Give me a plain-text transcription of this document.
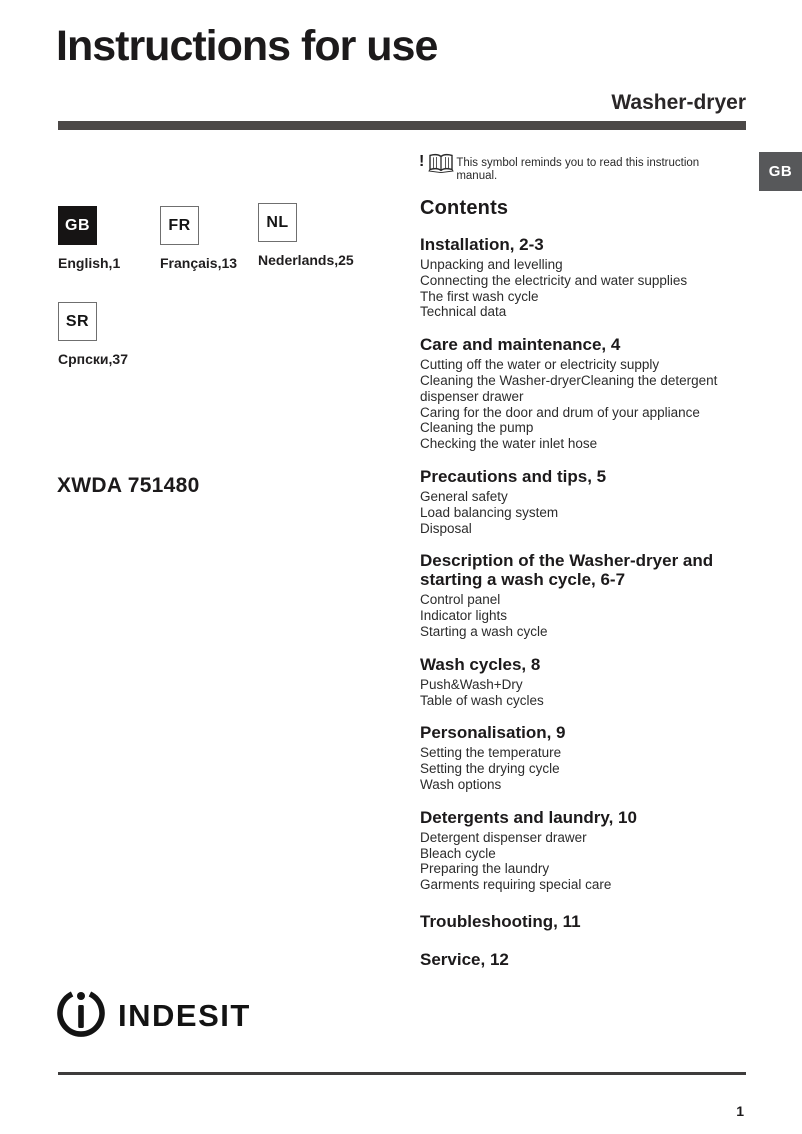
Instructions for use
Washer-dryer
!	This symbol reminds you to read this instruction manual.	GB
GB
English,1
FR
Français,13
NL
Nederlands,25
SR
Српски,37
XWDA 751480
Contents
Installation, 2-3
Unpacking and levelling
Connecting the electricity and water supplies
The first wash cycle
Technical data
Care and maintenance, 4
Cutting off the water or electricity supply
Cleaning the Washer-dryerCleaning the detergent dispenser drawer
Caring for the door and drum of your appliance
Cleaning the pump
Checking the water inlet hose
Precautions and tips, 5
General safety
Load balancing system
Disposal
Description of the Washer-dryer and starting a wash cycle, 6-7
Control panel
Indicator lights
Starting a wash cycle
Wash cycles, 8
Push&Wash+Dry
Table of wash cycles
Personalisation, 9
Setting the temperature
Setting the drying cycle
Wash options
Detergents and laundry, 10
Detergent dispenser drawer
Bleach cycle
Preparing the laundry
Garments requiring special care
Troubleshooting, 11
Service, 12
INDESIT
1
